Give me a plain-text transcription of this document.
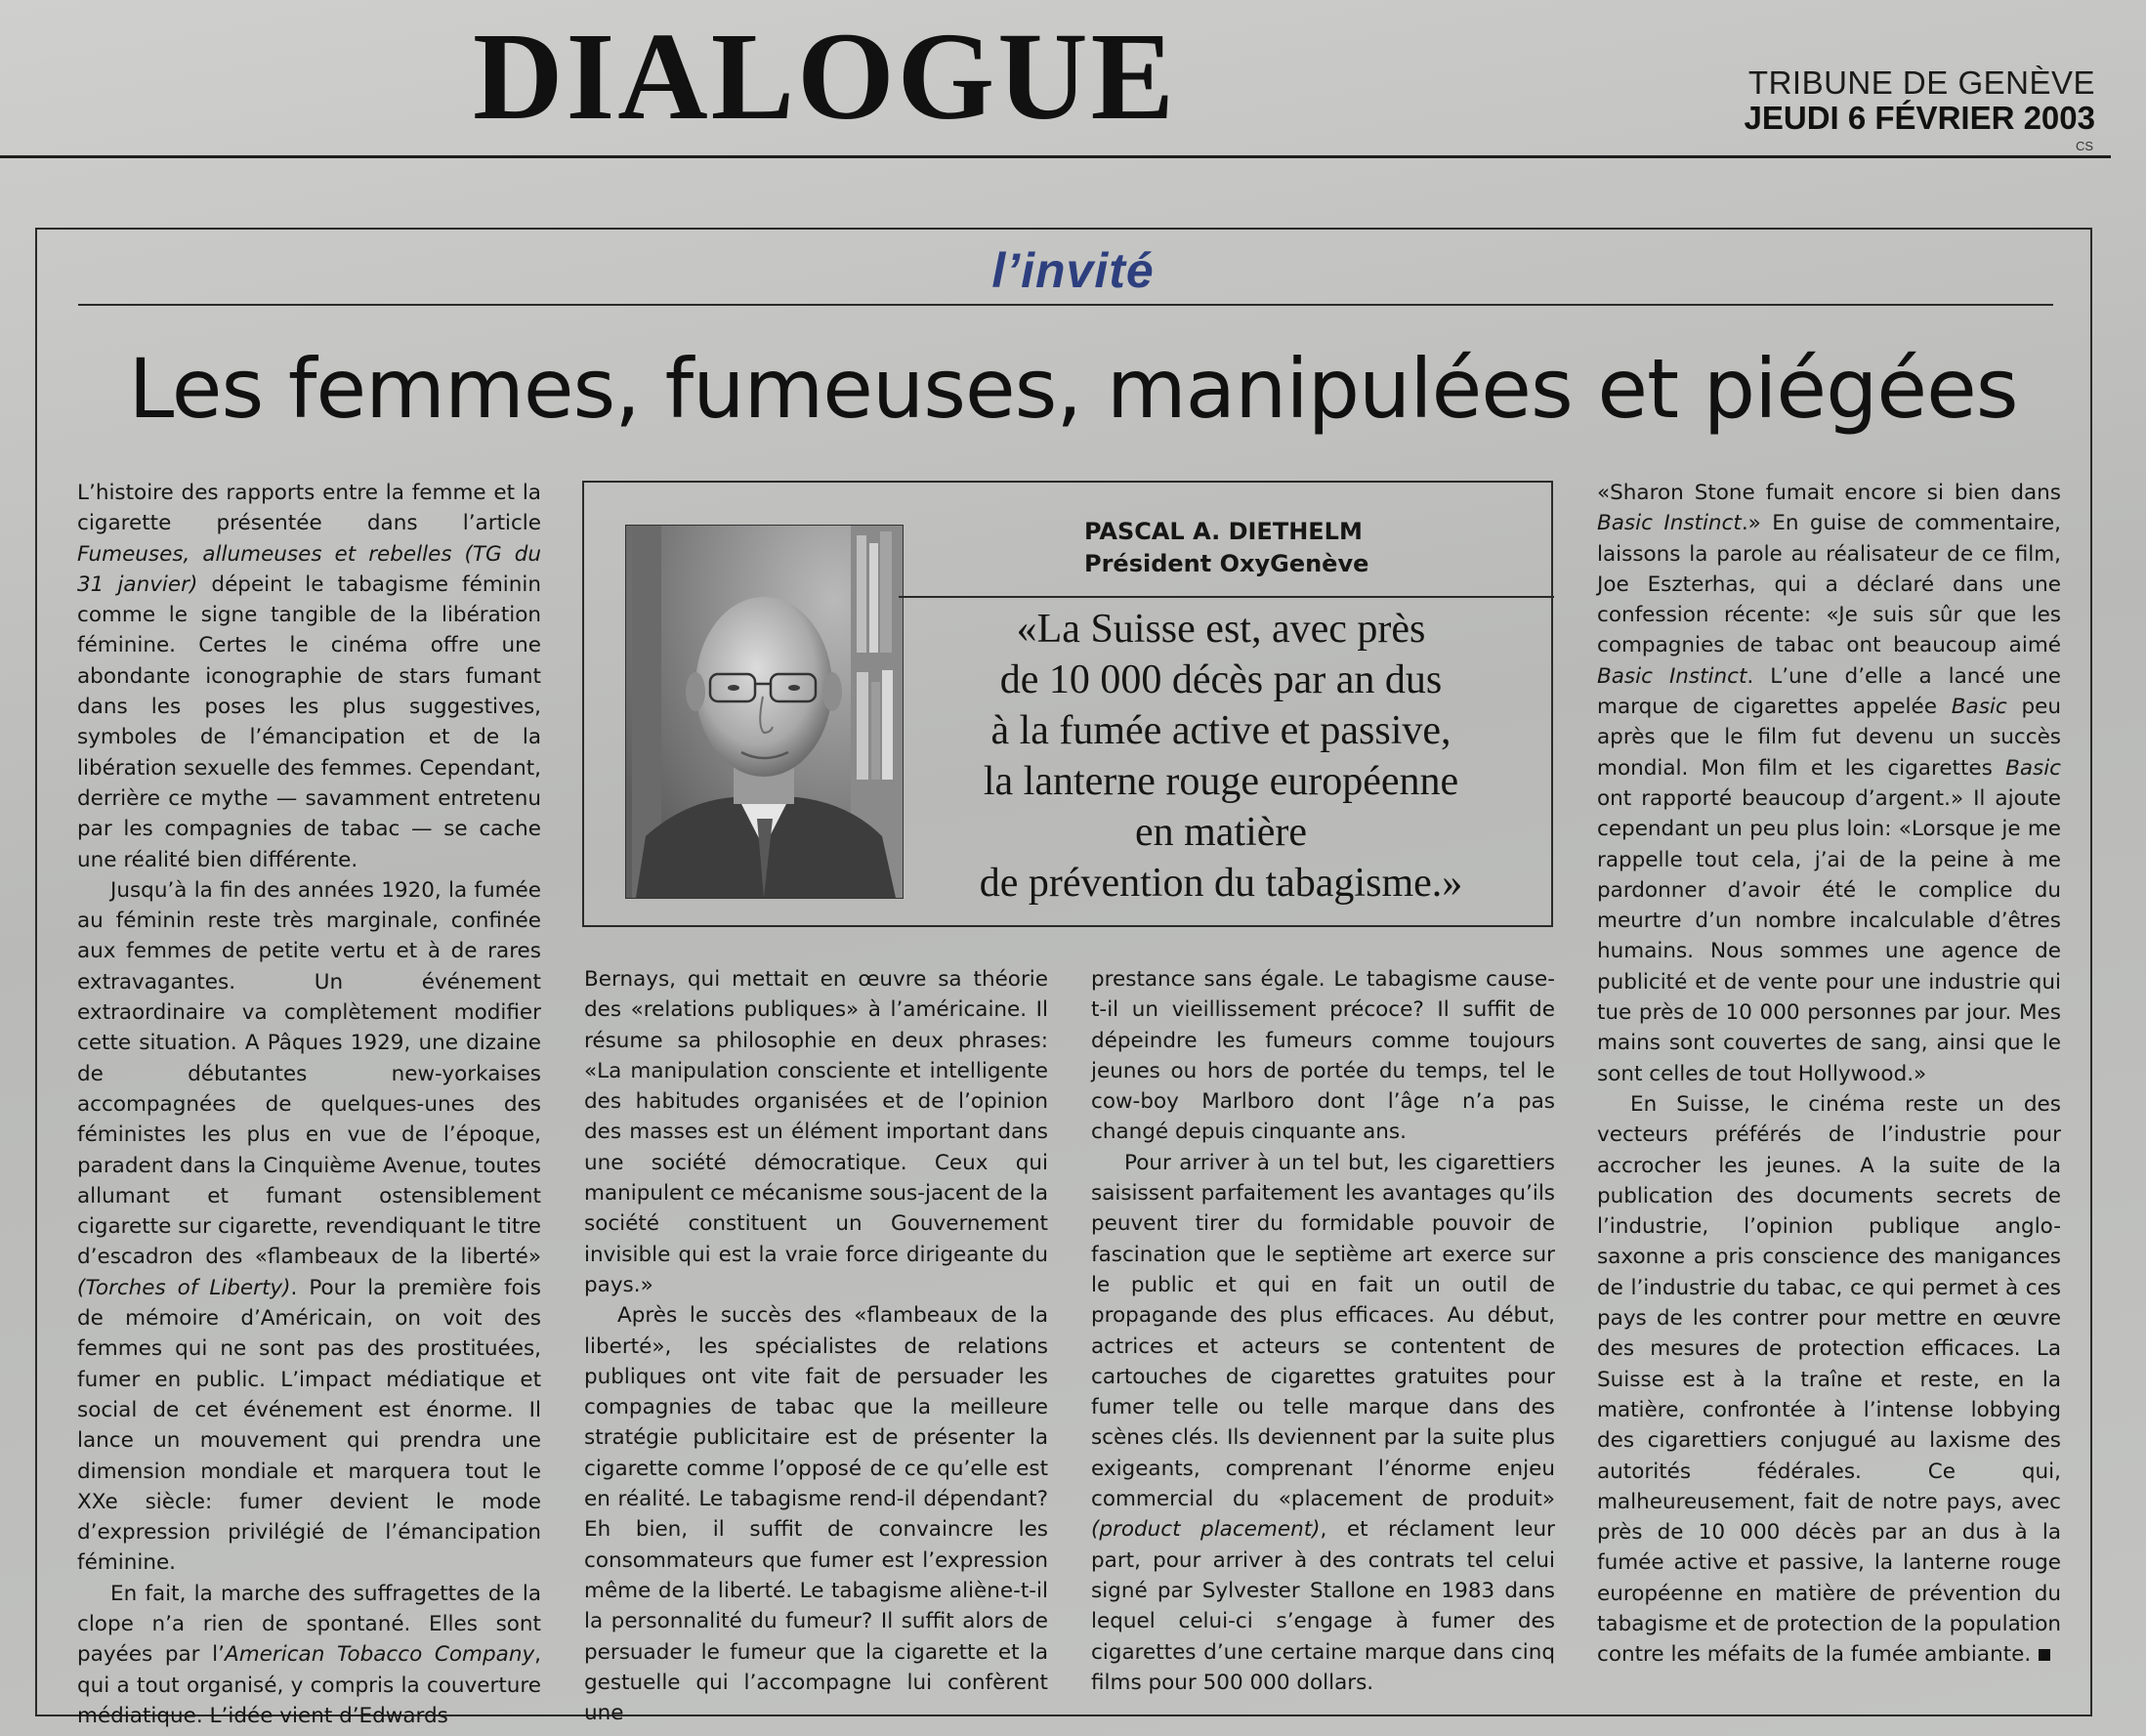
DIALOGUE	TRIBUNE DE GENÈVE
JEUDI 6 FÉVRIER 2003
CS
l’invité
Les femmes, fumeuses, manipulées et piégées

L’histoire des rapports entre la femme et la cigarette présentée dans l’article Fumeuses, allumeuses et rebelles (TG du 31 janvier) dépeint le tabagisme féminin comme le signe tangible de la libération féminine. Certes le cinéma offre une abondante iconographie de stars fumant dans les poses les plus suggestives, symboles de l’émancipation et de la libération sexuelle des femmes. Cependant, derrière ce mythe — savamment entretenu par les compagnies de tabac — se cache une réalité bien différente.

Jusqu’à la fin des années 1920, la fumée au féminin reste très marginale, confinée aux femmes de petite vertu et à de rares extravagantes. Un événement extraordinaire va complètement modifier cette situation. A Pâques 1929, une dizaine de débutantes new-yorkaises accompagnées de quelques-unes des féministes les plus en vue de l’époque, paradent dans la Cinquième Avenue, toutes allumant et fumant ostensiblement cigarette sur cigarette, revendiquant le titre d’escadron des «flambeaux de la liberté» (Torches of Liberty). Pour la première fois de mémoire d’Américain, on voit des femmes qui ne sont pas des prostituées, fumer en public. L’impact médiatique et social de cet événement est énorme. Il lance un mouvement qui prendra une dimension mondiale et marquera tout le XXe siècle: fumer devient le mode d’expression privilégié de l’émancipation féminine.

En fait, la marche des suffragettes de la clope n’a rien de spontané. Elles sont payées par l’American Tobacco Company, qui a tout organisé, y compris la couverture médiatique. L’idée vient d’Edwards

PASCAL A. DIETHELM
Président OxyGenève
«La Suisse est, avec près
de 10 000 décès par an dus
à la fumée active et passive,
la lanterne rouge européenne
en matière
de prévention du tabagisme.»

Bernays, qui mettait en œuvre sa théorie des «relations publiques» à l’américaine. Il résume sa philosophie en deux phrases: «La manipulation consciente et intelligente des habitudes organisées et de l’opinion des masses est un élément important dans une société démocratique. Ceux qui manipulent ce mécanisme sous-jacent de la société constituent un Gouvernement invisible qui est la vraie force dirigeante du pays.»

Après le succès des «flambeaux de la liberté», les spécialistes de relations publiques ont vite fait de persuader les compagnies de tabac que la meilleure stratégie publicitaire est de présenter la cigarette comme l’opposé de ce qu’elle est en réalité. Le tabagisme rend-il dépendant? Eh bien, il suffit de convaincre les consommateurs que fumer est l’expression même de la liberté. Le tabagisme aliène-t-il la personnalité du fumeur? Il suffit alors de persuader le fumeur que la cigarette et la gestuelle qui l’accompagne lui confèrent une

prestance sans égale. Le tabagisme cause-t-il un vieillissement précoce? Il suffit de dépeindre les fumeurs comme toujours jeunes ou hors de portée du temps, tel le cow-boy Marlboro dont l’âge n’a pas changé depuis cinquante ans.

Pour arriver à un tel but, les cigarettiers saisissent parfaitement les avantages qu’ils peuvent tirer du formidable pouvoir de fascination que le septième art exerce sur le public et qui en fait un outil de propagande des plus efficaces. Au début, actrices et acteurs se contentent de cartouches de cigarettes gratuites pour fumer telle ou telle marque dans des scènes clés. Ils deviennent par la suite plus exigeants, comprenant l’énorme enjeu commercial du «placement de produit» (product placement), et réclament leur part, pour arriver à des contrats tel celui signé par Sylvester Stallone en 1983 dans lequel celui-ci s’engage à fumer des cigarettes d’une certaine marque dans cinq films pour 500 000 dollars.

«Sharon Stone fumait encore si bien dans Basic Instinct.» En guise de commentaire, laissons la parole au réalisateur de ce film, Joe Eszterhas, qui a déclaré dans une confession récente: «Je suis sûr que les compagnies de tabac ont beaucoup aimé Basic Instinct. L’une d’elle a lancé une marque de cigarettes appelée Basic peu après que le film fut devenu un succès mondial. Mon film et les cigarettes Basic ont rapporté beaucoup d’argent.» Il ajoute cependant un peu plus loin: «Lorsque je me rappelle tout cela, j’ai de la peine à me pardonner d’avoir été le complice du meurtre d’un nombre incalculable d’êtres humains. Nous sommes une agence de publicité et de vente pour une industrie qui tue près de 10 000 personnes par jour. Mes mains sont couvertes de sang, ainsi que le sont celles de tout Hollywood.»

En Suisse, le cinéma reste un des vecteurs préférés de l’industrie pour accrocher les jeunes. A la suite de la publication des documents secrets de l’industrie, l’opinion publique anglo-saxonne a pris conscience des manigances de l’industrie du tabac, ce qui permet à ces pays de les contrer pour mettre en œuvre des mesures de protection efficaces. La Suisse est à la traîne et reste, en la matière, confrontée à l’intense lobbying des cigarettiers conjugué au laxisme des autorités fédérales. Ce qui, malheureusement, fait de notre pays, avec près de 10 000 décès par an dus à la fumée active et passive, la lanterne rouge européenne en matière de prévention du tabagisme et de protection de la population contre les méfaits de la fumée ambiante.
